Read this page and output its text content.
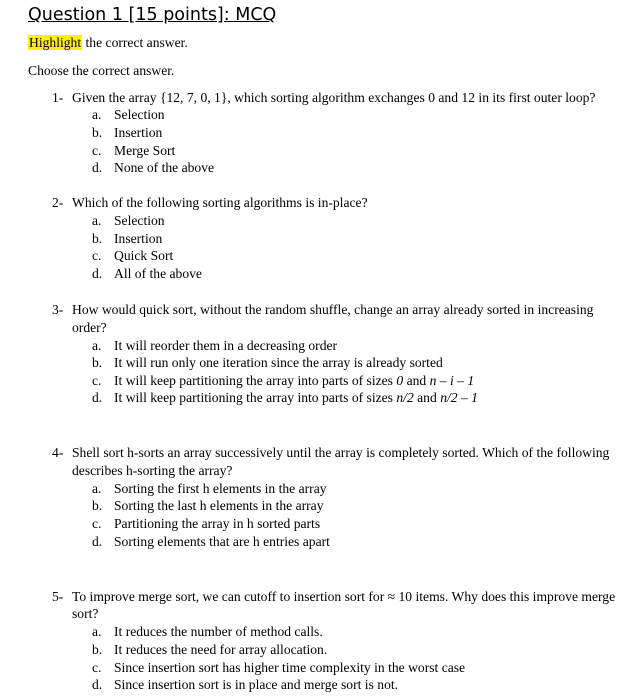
Question 1 [15 points]: MCQ
Highlight the correct answer.
Choose the correct answer.
1- Given the array {12, 7, 0, 1}, which sorting algorithm exchanges 0 and 12 in its first outer loop?
a. Selection
b. Insertion
c. Merge Sort
d. None of the above
2- Which of the following sorting algorithms is in-place?
a. Selection
b. Insertion
c. Quick Sort
d. All of the above
3- How would quick sort, without the random shuffle, change an array already sorted in increasing
order?
a. It will reorder them in a decreasing order
b. It will run only one iteration since the array is already sorted
c. It will keep partitioning the array into parts of sizes 0 and n – i – 1
d. It will keep partitioning the array into parts of sizes n/2 and n/2 – 1
4- Shell sort h-sorts an array successively until the array is completely sorted. Which of the following
describes h-sorting the array?
a. Sorting the first h elements in the array
b. Sorting the last h elements in the array
c. Partitioning the array in h sorted parts
d. Sorting elements that are h entries apart
5- To improve merge sort, we can cutoff to insertion sort for ≈ 10 items. Why does this improve merge
sort?
a. It reduces the number of method calls.
b. It reduces the need for array allocation.
c. Since insertion sort has higher time complexity in the worst case
d. Since insertion sort is in place and merge sort is not.
